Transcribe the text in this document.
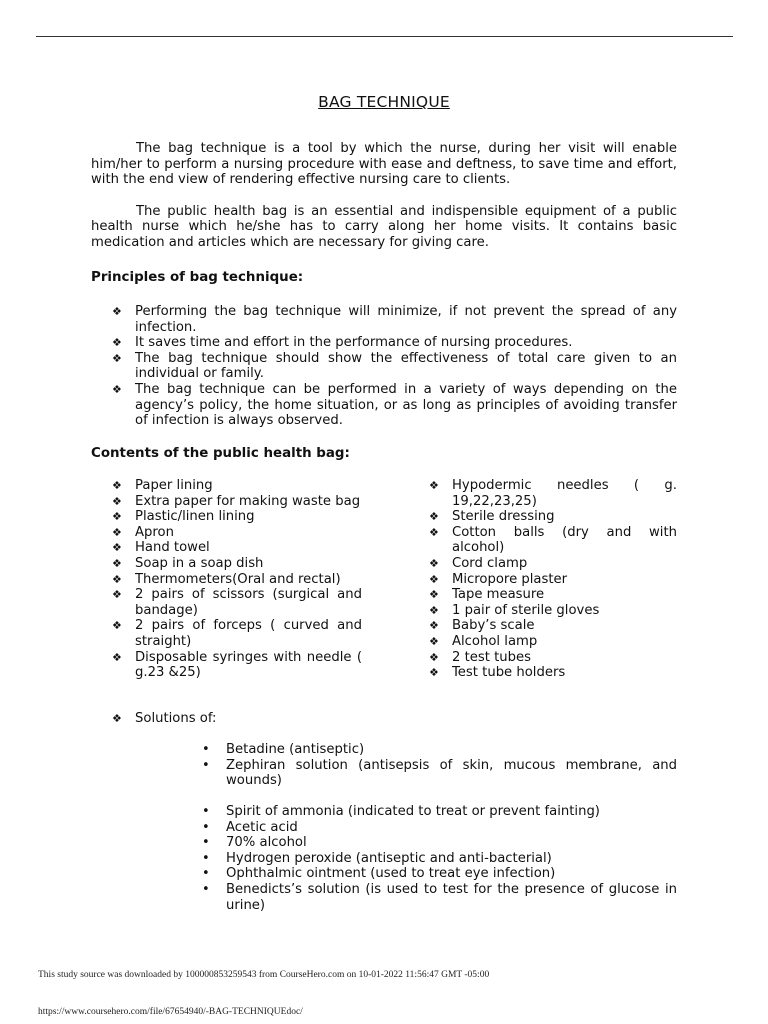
BAG TECHNIQUE

The bag technique is a tool by which the nurse, during her visit will enable him/her to perform a nursing procedure with ease and deftness, to save time and effort, with the end view of rendering effective nursing care to clients.

The public health bag is an essential and indispensible equipment of a public health nurse which he/she has to carry along her home visits. It contains basic medication and articles which are necessary for giving care.

Principles of bag technique:
❖ Performing the bag technique will minimize, if not prevent the spread of any infection.
❖ It saves time and effort in the performance of nursing procedures.
❖ The bag technique should show the effectiveness of total care given to an individual or family.
❖ The bag technique can be performed in a variety of ways depending on the agency’s policy, the home situation, or as long as principles of avoiding transfer of infection is always observed.
Contents of the public health bag:
❖ Paper lining
❖ Extra paper for making waste bag
❖ Plastic/linen lining
❖ Apron
❖ Hand towel
❖ Soap in a soap dish
❖ Thermometers(Oral and rectal)
❖ 2 pairs of scissors (surgical and bandage)
❖ 2 pairs of forceps ( curved and straight)
❖ Disposable syringes with needle ( g.23 &25)
❖ Hypodermic needles ( g. 19,22,23,25)
❖ Sterile dressing
❖ Cotton balls (dry and with alcohol)
❖ Cord clamp
❖ Micropore plaster
❖ Tape measure
❖ 1 pair of sterile gloves
❖ Baby’s scale
❖ Alcohol lamp
❖ 2 test tubes
❖ Test tube holders
❖ Solutions of:
• Betadine (antiseptic)
• Zephiran solution (antisepsis of skin, mucous membrane, and wounds)
• Spirit of ammonia (indicated to treat or prevent fainting)
• Acetic acid
• 70% alcohol
• Hydrogen peroxide (antiseptic and anti-bacterial)
• Ophthalmic ointment (used to treat eye infection)
• Benedicts’s solution (is used to test for the presence of glucose in urine)
This study source was downloaded by 100000853259543 from CourseHero.com on 10-01-2022 11:56:47 GMT -05:00
https://www.coursehero.com/file/67654940/-BAG-TECHNIQUEdoc/
